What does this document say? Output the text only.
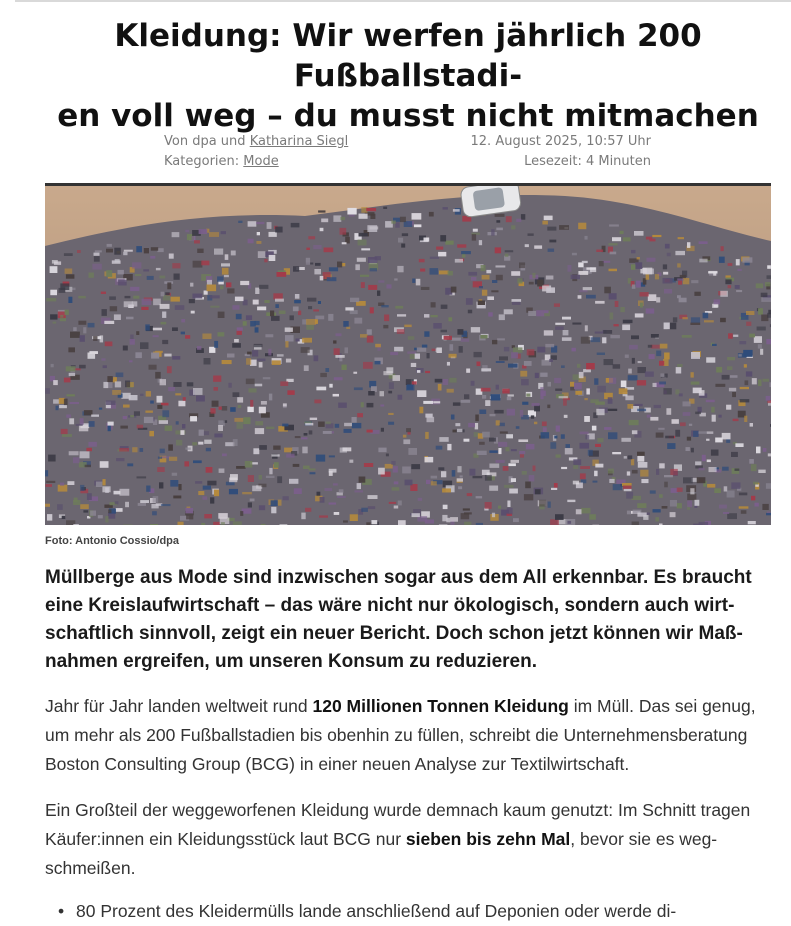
Kleidung: Wir werfen jährlich 200 Fußballstadi-
en voll weg – du musst nicht mitmachen
Von dpa und Katharina Siegl
Kategorien: Mode
12. August 2025, 10:57 Uhr
Lesezeit: 4 Minuten
Foto: Antonio Cossio/dpa

Müllberge aus Mode sind inzwischen sogar aus dem All erkennbar. Es braucht eine Kreislaufwirtschaft – das wäre nicht nur ökologisch, sondern auch wirt-schaftlich sinnvoll, zeigt ein neuer Bericht. Doch schon jetzt können wir Maß-nahmen ergreifen, um unseren Konsum zu reduzieren.

Jahr für Jahr landen weltweit rund 120 Millionen Tonnen Kleidung im Müll. Das sei genug, um mehr als 200 Fußballstadien bis obenhin zu füllen, schreibt die Unternehmensberatung Boston Consulting Group (BCG) in einer neuen Analyse zur Textilwirtschaft.

Ein Großteil der weggeworfenen Kleidung wurde demnach kaum genutzt: Im Schnitt tragen Käufer:innen ein Kleidungsstück laut BCG nur sieben bis zehn Mal, bevor sie es weg-schmeißen.

• 80 Prozent des Kleidermülls lande anschließend auf Deponien oder werde di-
